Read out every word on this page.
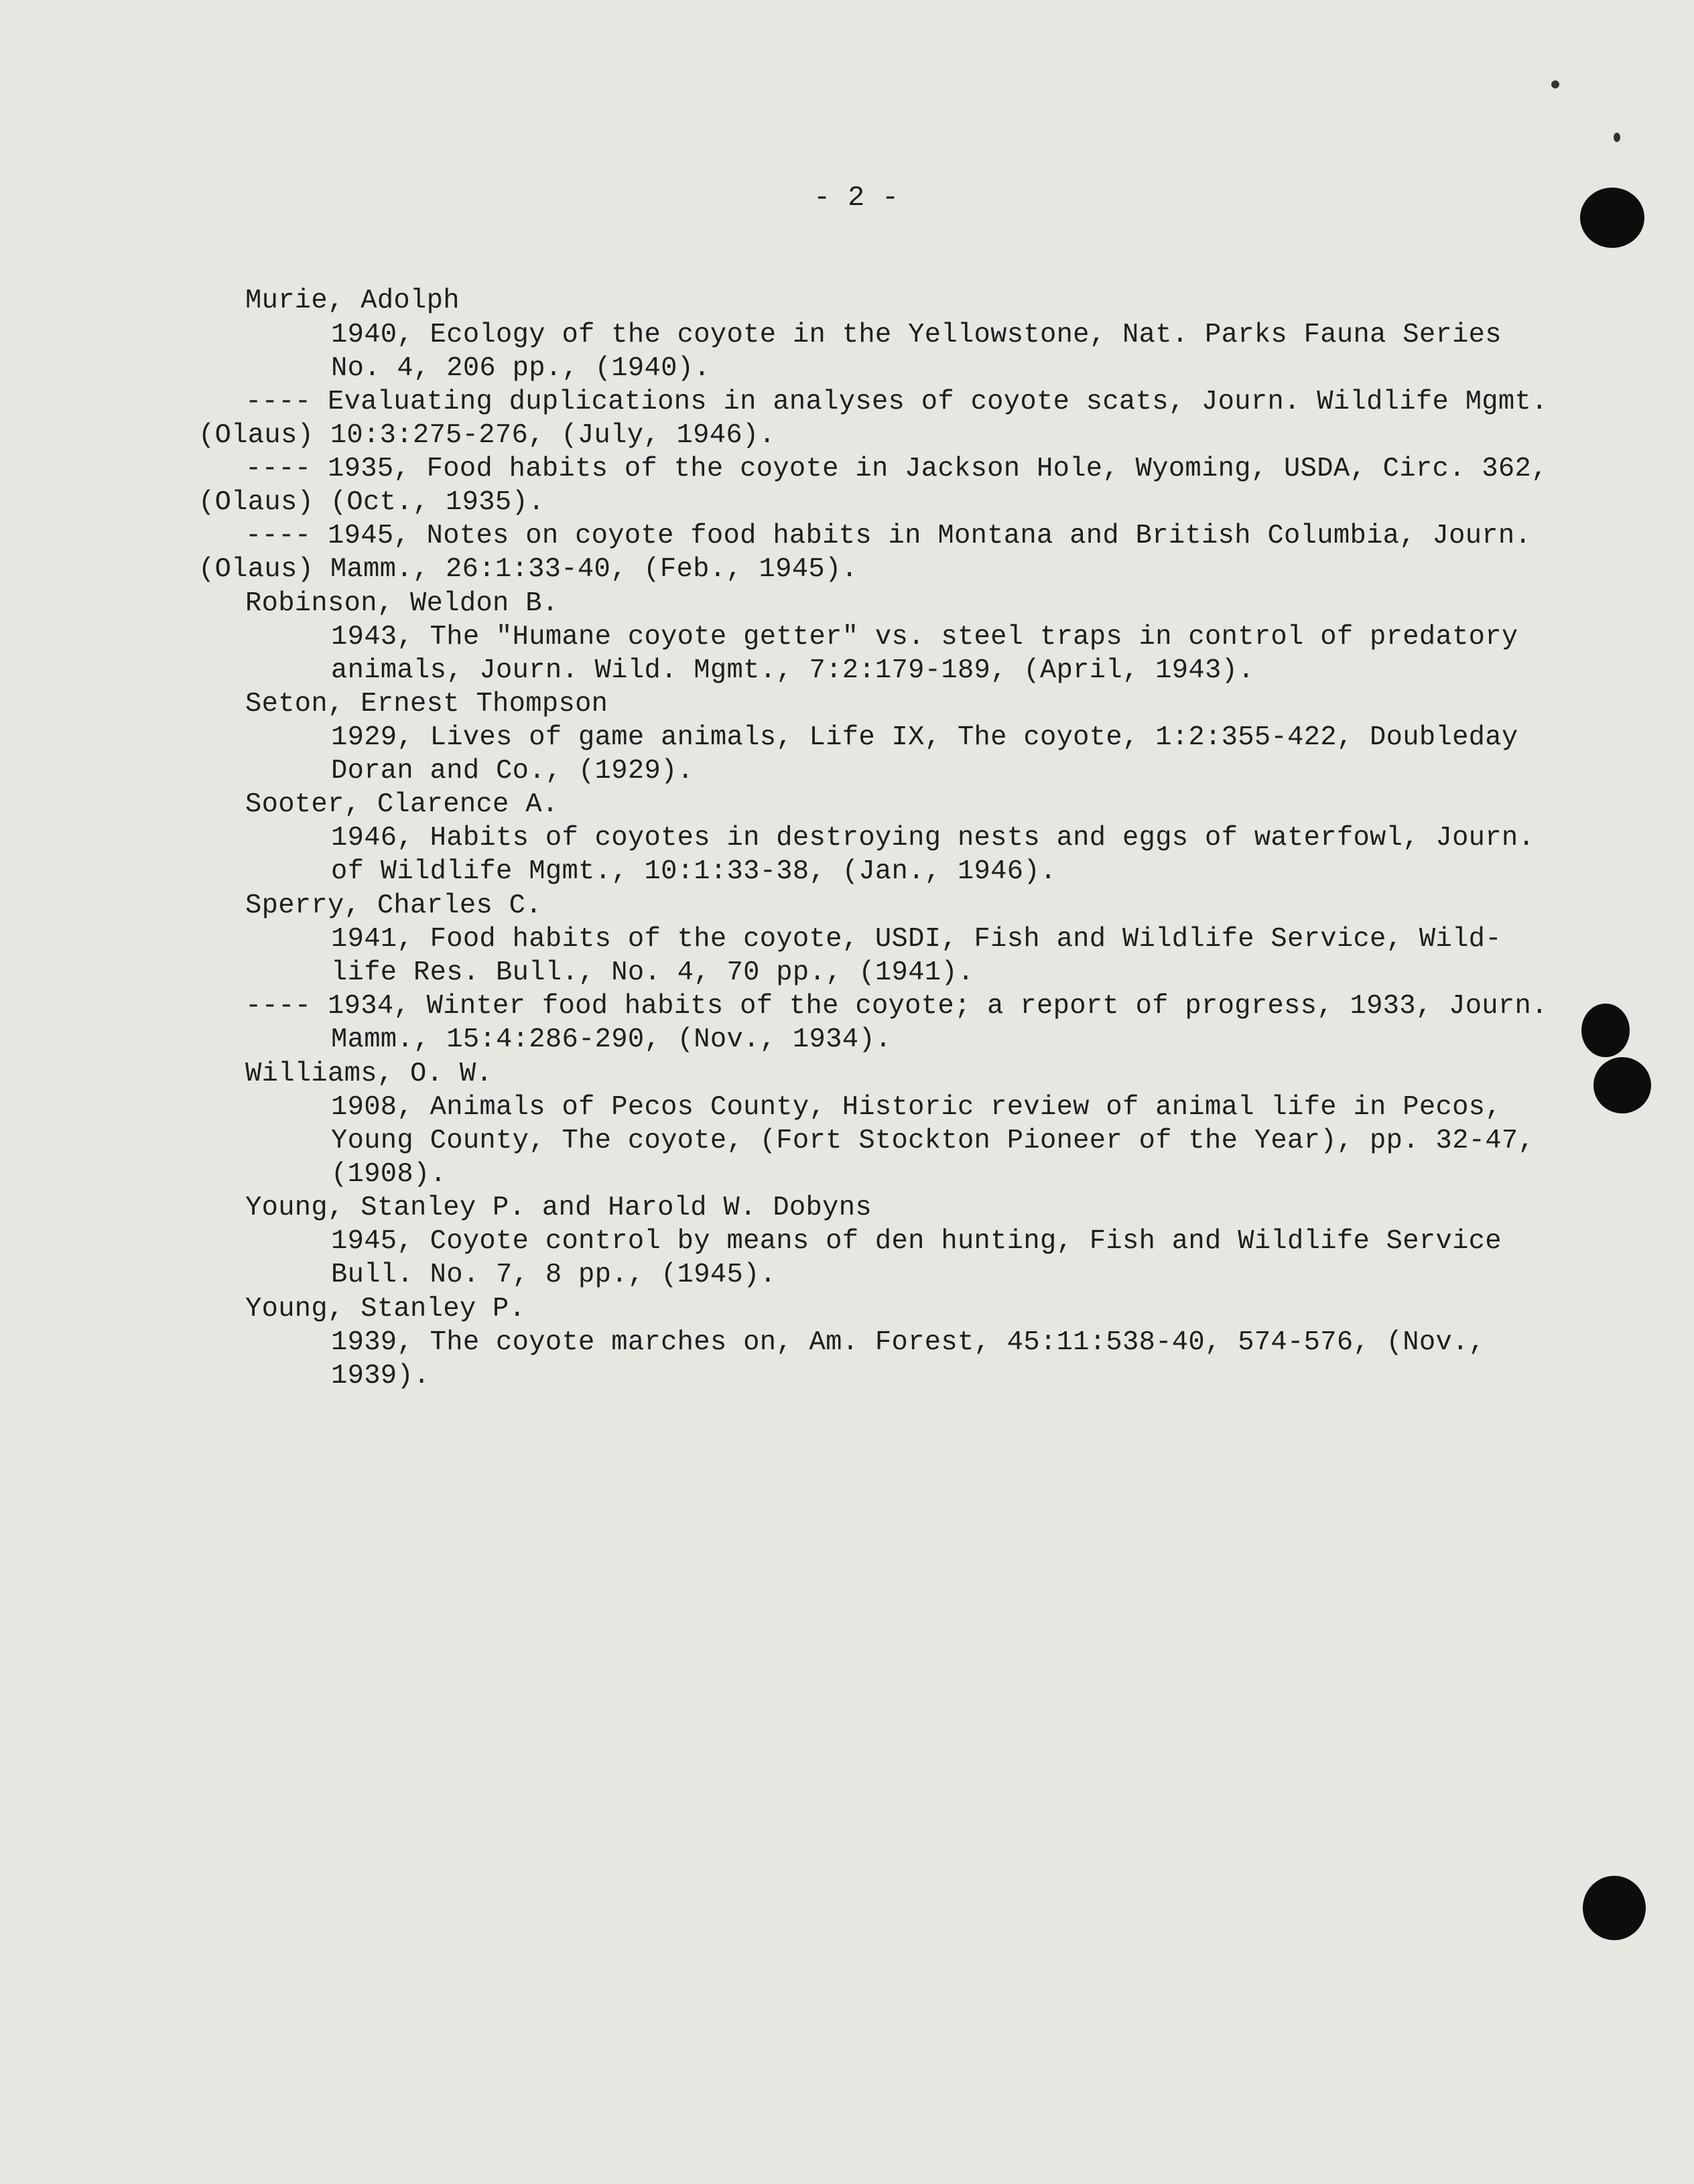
- 2 -
Murie, Adolph
1940, Ecology of the coyote in the Yellowstone, Nat. Parks Fauna Series
No. 4, 206 pp., (1940).
---- Evaluating duplications in analyses of coyote scats, Journ. Wildlife Mgmt.
(Olaus) 10:3:275-276, (July, 1946).
---- 1935, Food habits of the coyote in Jackson Hole, Wyoming, USDA, Circ. 362,
(Olaus) (Oct., 1935).
---- 1945, Notes on coyote food habits in Montana and British Columbia, Journ.
(Olaus) Mamm., 26:1:33-40, (Feb., 1945).
Robinson, Weldon B.
1943, The "Humane coyote getter" vs. steel traps in control of predatory
animals, Journ. Wild. Mgmt., 7:2:179-189, (April, 1943).
Seton, Ernest Thompson
1929, Lives of game animals, Life IX, The coyote, 1:2:355-422, Doubleday
Doran and Co., (1929).
Sooter, Clarence A.
1946, Habits of coyotes in destroying nests and eggs of waterfowl, Journ.
of Wildlife Mgmt., 10:1:33-38, (Jan., 1946).
Sperry, Charles C.
1941, Food habits of the coyote, USDI, Fish and Wildlife Service, Wild-
life Res. Bull., No. 4, 70 pp., (1941).
---- 1934, Winter food habits of the coyote; a report of progress, 1933, Journ.
Mamm., 15:4:286-290, (Nov., 1934).
Williams, O. W.
1908, Animals of Pecos County, Historic review of animal life in Pecos,
Young County, The coyote, (Fort Stockton Pioneer of the Year), pp. 32-47,
(1908).
Young, Stanley P. and Harold W. Dobyns
1945, Coyote control by means of den hunting, Fish and Wildlife Service
Bull. No. 7, 8 pp., (1945).
Young, Stanley P.
1939, The coyote marches on, Am. Forest, 45:11:538-40, 574-576, (Nov.,
1939).
